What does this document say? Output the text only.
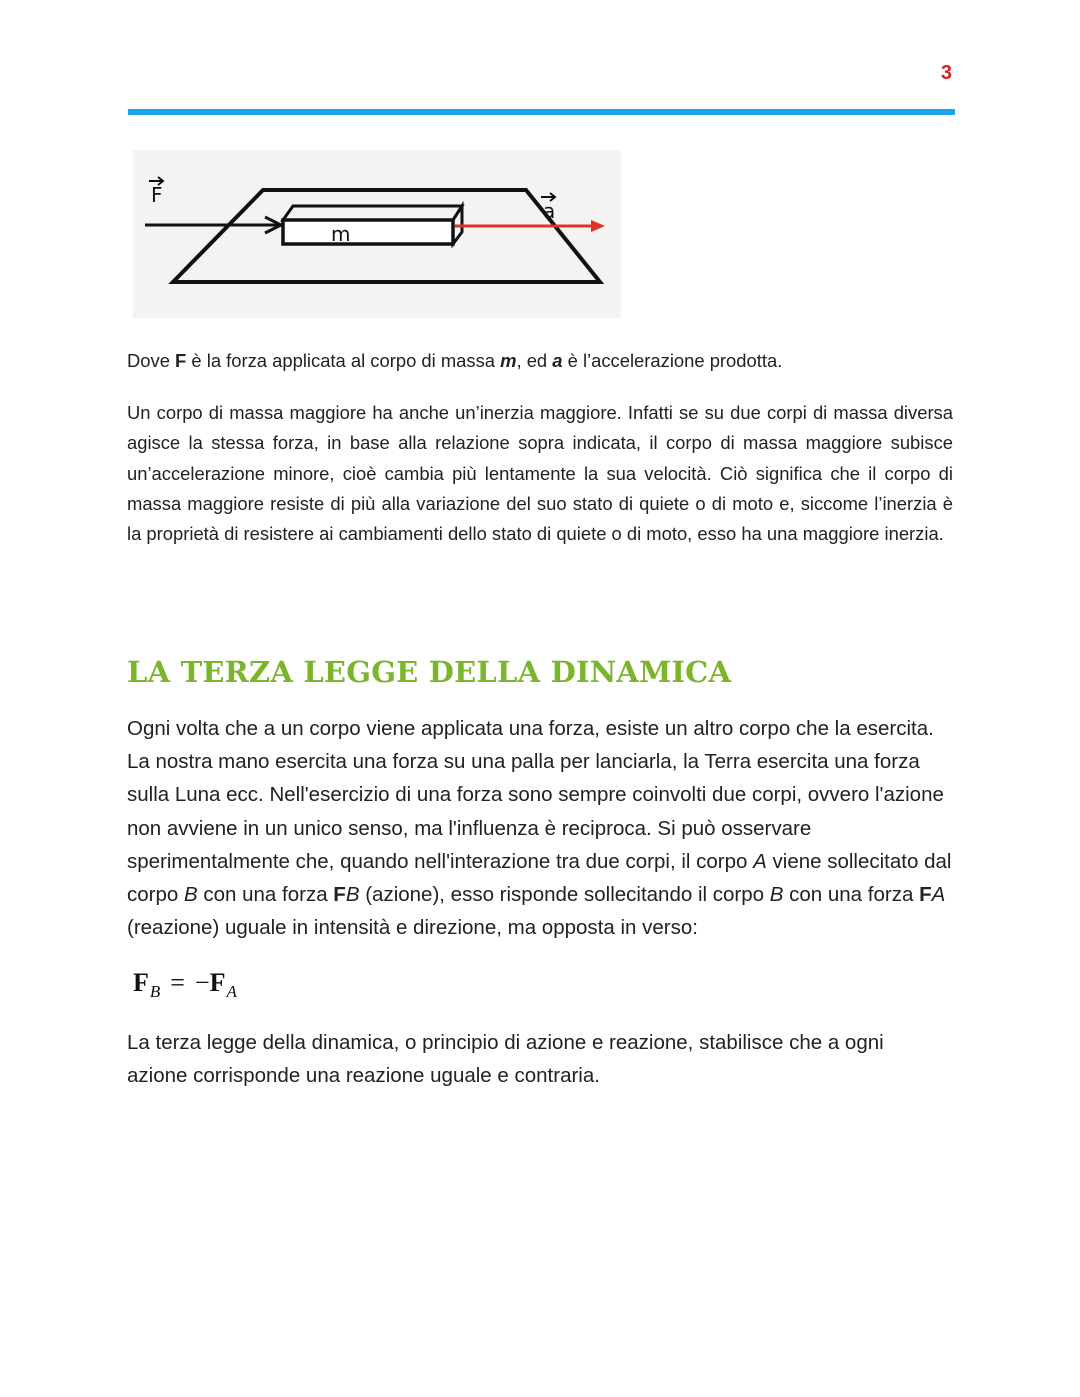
3
m
F
a

Dove F è la forza applicata al corpo di massa m, ed a è l’accelerazione prodotta.

Un corpo di massa maggiore ha anche un’inerzia maggiore. Infatti se su due corpi di massa diversa agisce la stessa forza, in base alla relazione sopra indicata, il corpo di massa maggiore subisce un’accelerazione minore, cioè cambia più lentamente la sua velocità. Ciò significa che il corpo di massa maggiore resiste di più alla variazione del suo stato di quiete o di moto e, siccome l’inerzia è la proprietà di resistere ai cambiamenti dello stato di quiete o di moto, esso ha una maggiore inerzia.

LA TERZA LEGGE DELLA DINAMICA

Ogni volta che a un corpo viene applicata una forza, esiste un altro corpo che la esercita. La nostra mano esercita una forza su una palla per lanciarla, la Terra esercita una forza sulla Luna ecc. Nell'esercizio di una forza sono sempre coinvolti due corpi, ovvero l'azione non avviene in un unico senso, ma l'influenza è reciproca. Si può osservare sperimentalmente che, quando nell'interazione tra due corpi, il corpo A viene sollecitato dal corpo B con una forza FB (azione), esso risponde sollecitando il corpo B con una forza FA (reazione) uguale in intensità e direzione, ma opposta in verso:

$F_B = -F_A$

La terza legge della dinamica, o principio di azione e reazione, stabilisce che a ogni azione corrisponde una reazione uguale e contraria.
